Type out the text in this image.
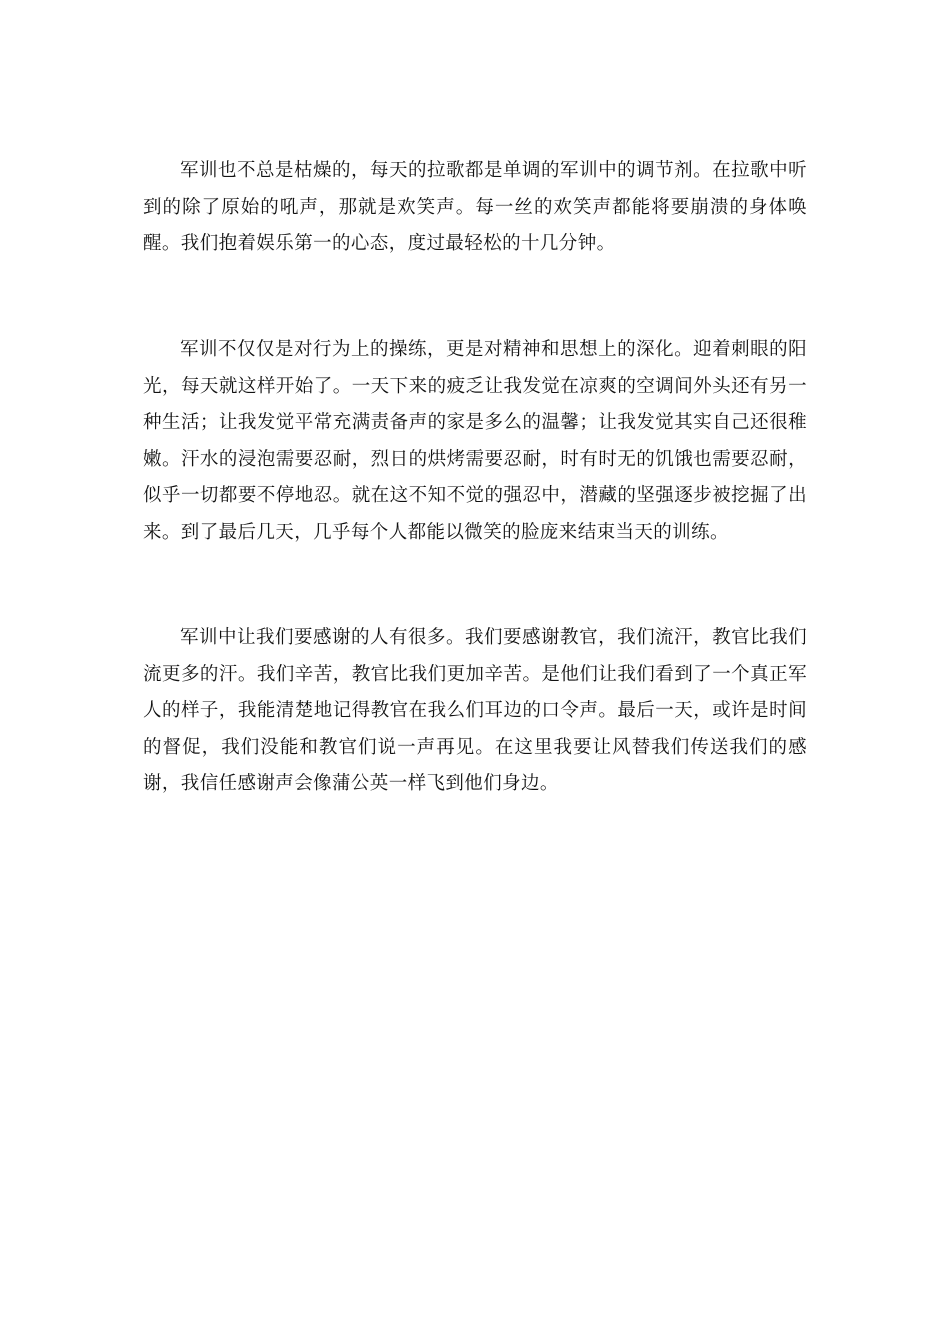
军训也不总是枯燥的，每天的拉歌都是单调的军训中的调节剂。在拉歌中听到的除了原始的吼声，那就是欢笑声。每一丝的欢笑声都能将要崩溃的身体唤醒。我们抱着娱乐第一的心态，度过最轻松的十几分钟。

军训不仅仅是对行为上的操练，更是对精神和思想上的深化。迎着刺眼的阳光，每天就这样开始了。一天下来的疲乏让我发觉在凉爽的空调间外头还有另一种生活；让我发觉平常充满责备声的家是多么的温馨；让我发觉其实自己还很稚嫩。汗水的浸泡需要忍耐，烈日的烘烤需要忍耐，时有时无的饥饿也需要忍耐，似乎一切都要不停地忍。就在这不知不觉的强忍中，潜藏的坚强逐步被挖掘了出来。到了最后几天，几乎每个人都能以微笑的脸庞来结束当天的训练。

军训中让我们要感谢的人有很多。我们要感谢教官，我们流汗，教官比我们流更多的汗。我们辛苦，教官比我们更加辛苦。是他们让我们看到了一个真正军人的样子，我能清楚地记得教官在我么们耳边的口令声。最后一天，或许是时间的督促，我们没能和教官们说一声再见。在这里我要让风替我们传送我们的感谢，我信任感谢声会像蒲公英一样飞到他们身边。
